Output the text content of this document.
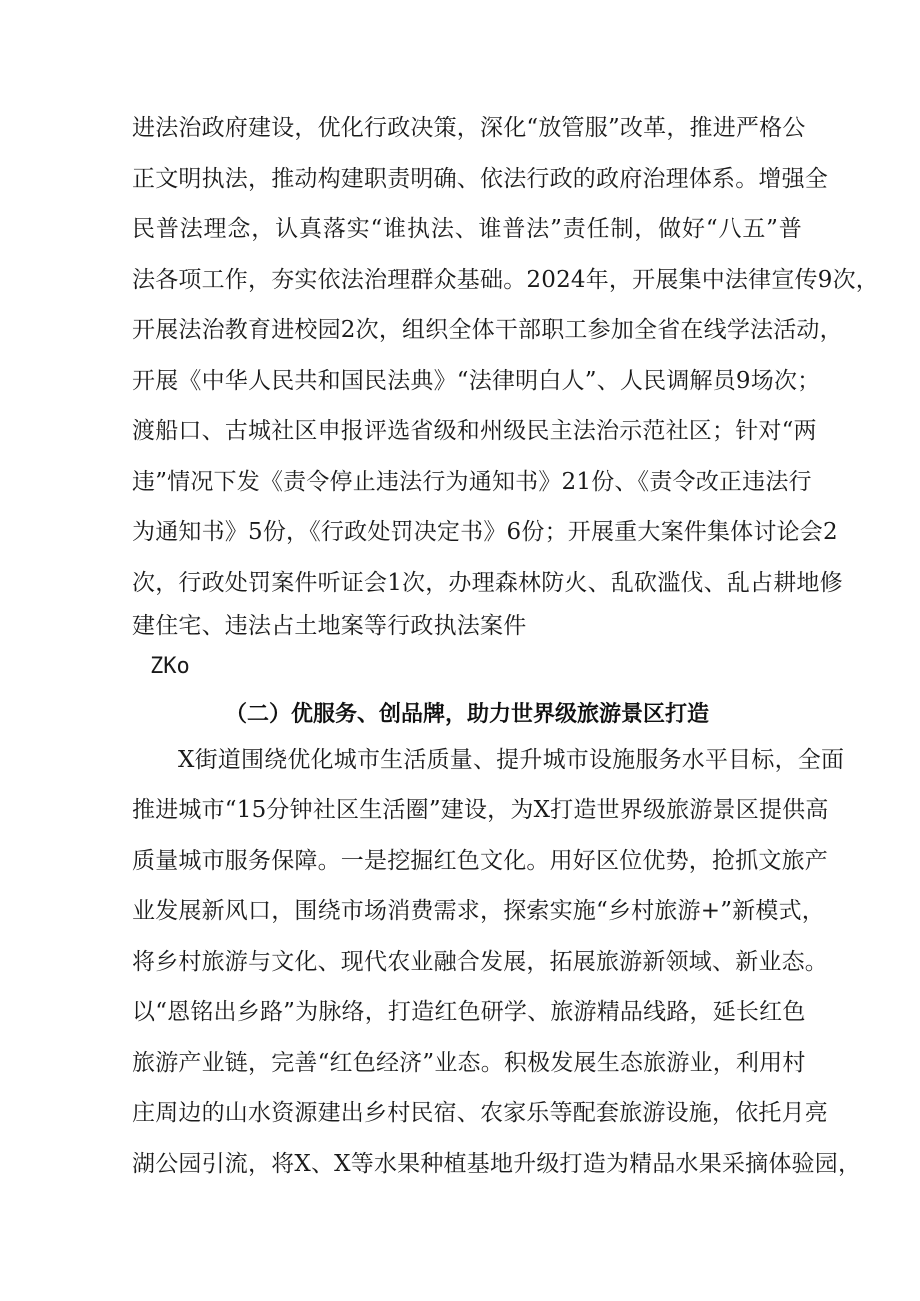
进法治政府建设，优化行政决策，深化“放管服”改革，推进严格公
正文明执法，推动构建职责明确、依法行政的政府治理体系。增强全
民普法理念，认真落实“谁执法、谁普法”责任制，做好“八五”普
法各项工作，夯实依法治理群众基础。2024年，开展集中法律宣传9次，
开展法治教育进校园2次，组织全体干部职工参加全省在线学法活动，
开展《中华人民共和国民法典》“法律明白人”、人民调解员9场次；
渡船口、古城社区申报评选省级和州级民主法治示范社区；针对“两
违”情况下发《责令停止违法行为通知书》21份、《责令改正违法行
为通知书》5份，《行政处罚决定书》6份；开展重大案件集体讨论会2
次，行政处罚案件听证会1次，办理森林防火、乱砍滥伐、乱占耕地修
ZKo
（二）优服务、创品牌，助力世界级旅游景区打造
X街道围绕优化城市生活质量、提升城市设施服务水平目标，全面
推进城市“15分钟社区生活圈”建设，为X打造世界级旅游景区提供高
质量城市服务保障。一是挖掘红色文化。用好区位优势，抢抓文旅产
业发展新风口，围绕市场消费需求，探索实施“乡村旅游+”新模式，
将乡村旅游与文化、现代农业融合发展，拓展旅游新领域、新业态。
以“恩铭出乡路”为脉络，打造红色研学、旅游精品线路，延长红色
旅游产业链，完善“红色经济”业态。积极发展生态旅游业，利用村
庄周边的山水资源建出乡村民宿、农家乐等配套旅游设施，依托月亮
湖公园引流，将X、X等水果种植基地升级打造为精品水果采摘体验园，
建住宅、违法占土地案等行政执法案件
